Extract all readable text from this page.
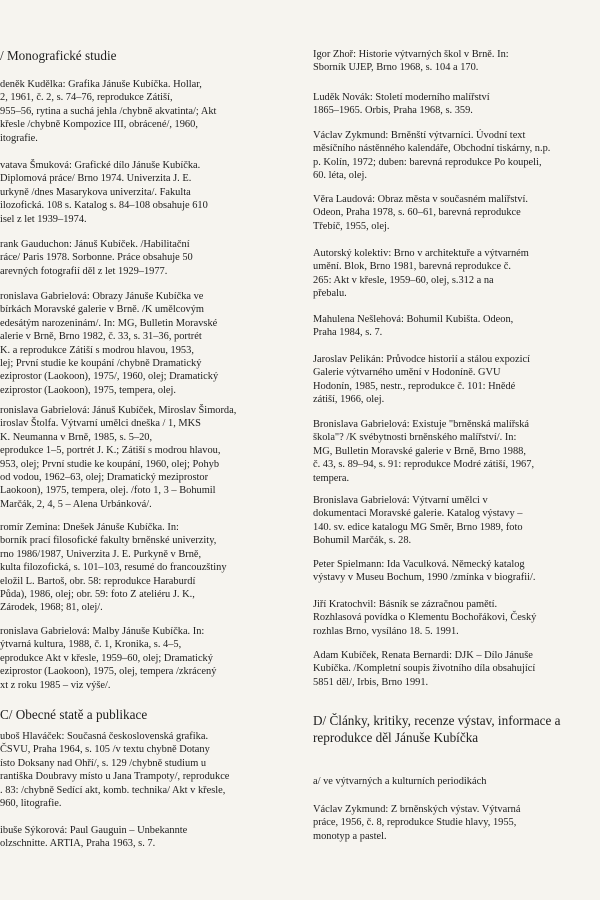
/ Monografické studie
deněk Kudělka: Grafika Jánuše Kubíčka. Hollar,
2, 1961, č. 2, s. 74–76, reprodukce Zátiší,
955–56, rytina a suchá jehla /chybně akvatinta/; Akt
křesle /chybně Kompozice III, obrácené/, 1960,
itografie.
vatava Šmuková: Grafické dílo Jánuše Kubíčka.
Diplomová práce/ Brno 1974. Univerzita J. E.
urkyně /dnes Masarykova univerzita/. Fakulta
ilozofická. 108 s. Katalog s. 84–108 obsahuje 610
isel z let 1939–1974.
rank Gauduchon: Jánuš Kubíček. /Habilitační
ráce/ Paris 1978. Sorbonne. Práce obsahuje 50
arevných fotografií děl z let 1929–1977.
ronislava Gabrielová: Obrazy Jánuše Kubíčka ve
bírkách Moravské galerie v Brně. /K umělcovým
edesátým narozeninám/. In: MG, Bulletin Moravské
alerie v Brně, Brno 1982, č. 33, s. 31–36, portrét
K. a reprodukce Zátiší s modrou hlavou, 1953,
lej; První studie ke koupání /chybně Dramatický
eziprostor (Laokoon), 1975/, 1960, olej; Dramatický
eziprostor (Laokoon), 1975, tempera, olej.
ronislava Gabrielová: Jánuš Kubíček, Miroslav Šimorda,
iroslav Štolfa. Výtvarní umělci dneška / 1, MKS
K. Neumanna v Brně, 1985, s. 5–20,
eprodukce 1–5, portrét J. K.; Zátiší s modrou hlavou,
953, olej; První studie ke koupání, 1960, olej; Pohyb
od vodou, 1962–63, olej; Dramatický meziprostor
Laokoon), 1975, tempera, olej. /foto 1, 3 – Bohumil
Marčák, 2, 4, 5 – Alena Urbánková/.
romír Zemina: Dnešek Jánuše Kubíčka. In:
borník prací filosofické fakulty brněnské univerzity,
rno 1986/1987, Univerzita J. E. Purkyně v Brně,
kulta filozofická, s. 101–103, resumé do francouzštiny
eložil L. Bartoš, obr. 58: reprodukce Haraburdí
Půda), 1986, olej; obr. 59: foto Z ateliéru J. K.,
Zárodek, 1968; 81, olej/.
ronislava Gabrielová: Malby Jánuše Kubíčka. In:
ýtvarná kultura, 1988, č. 1, Kronika, s. 4–5,
eprodukce Akt v křesle, 1959–60, olej; Dramatický
eziprostor (Laokoon), 1975, olej, tempera /zkrácený
xt z roku 1985 – viz výše/.
C/ Obecné statě a publikace
uboš Hlaváček: Současná československá grafika.
ČSVU, Praha 1964, s. 105 /v textu chybně Dotany
ísto Doksany nad Ohří/, s. 129 /chybně studium u
rantiška Doubravy místo u Jana Trampoty/, reprodukce
. 83: /chybně Sedící akt, komb. technika/ Akt v křesle,
960, litografie.
ibuše Sýkorová: Paul Gauguin – Unbekannte
olzschnitte. ARTIA, Praha 1963, s. 7.
Igor Zhoř: Historie výtvarných škol v Brně. In:
Sborník UJEP, Brno 1968, s. 104 a 170.
Luděk Novák: Století moderního malířství
1865–1965. Orbis, Praha 1968, s. 359.
Václav Zykmund: Brněnští výtvarníci. Úvodní text
měsíčního nástěnného kalendáře, Obchodní tiskárny, n.p.
p. Kolín, 1972; duben: barevná reprodukce Po koupeli,
60. léta, olej.
Věra Laudová: Obraz města v současném malířství.
Odeon, Praha 1978, s. 60–61, barevná reprodukce
Třebíč, 1955, olej.
Autorský kolektiv: Brno v architektuře a výtvarném
umění. Blok, Brno 1981, barevná reprodukce č.
265: Akt v křesle, 1959–60, olej, s.312 a na
přebalu.
Mahulena Nešlehová: Bohumil Kubišta. Odeon,
Praha 1984, s. 7.
Jaroslav Pelikán: Průvodce historií a stálou expozicí
Galerie výtvarného umění v Hodoníně. GVU
Hodonín, 1985, nestr., reprodukce č. 101: Hnědé
zátiší, 1966, olej.
Bronislava Gabrielová: Existuje "brněnská malířská
škola"? /K svébytnosti brněnského malířství/. In:
MG, Bulletin Moravské galerie v Brně, Brno 1988,
č. 43, s. 89–94, s. 91: reprodukce Modré zátiší, 1967,
tempera.
Bronislava Gabrielová: Výtvarní umělci v
dokumentaci Moravské galerie. Katalog výstavy –
140. sv. edice katalogu MG Směr, Brno 1989, foto
Bohumil Marčák, s. 28.
Peter Spielmann: Ida Vaculková. Německý katalog
výstavy v Museu Bochum, 1990 /zmínka v biografii/.
Jiří Kratochvil: Básník se zázračnou pamětí.
Rozhlasová povídka o Klementu Bochořákovi, Český
rozhlas Brno, vysíláno 18. 5. 1991.
Adam Kubíček, Renata Bernardi: DJK – Dílo Jánuše
Kubíčka. /Kompletní soupis životního díla obsahující
5851 děl/, Irbis, Brno 1991.
D/ Články, kritiky, recenze výstav, informace a reprodukce děl Jánuše Kubíčka
a/ ve výtvarných a kulturních periodikách
Václav Zykmund: Z brněnských výstav. Výtvarná
práce, 1956, č. 8, reprodukce Studie hlavy, 1955,
monotyp a pastel.
